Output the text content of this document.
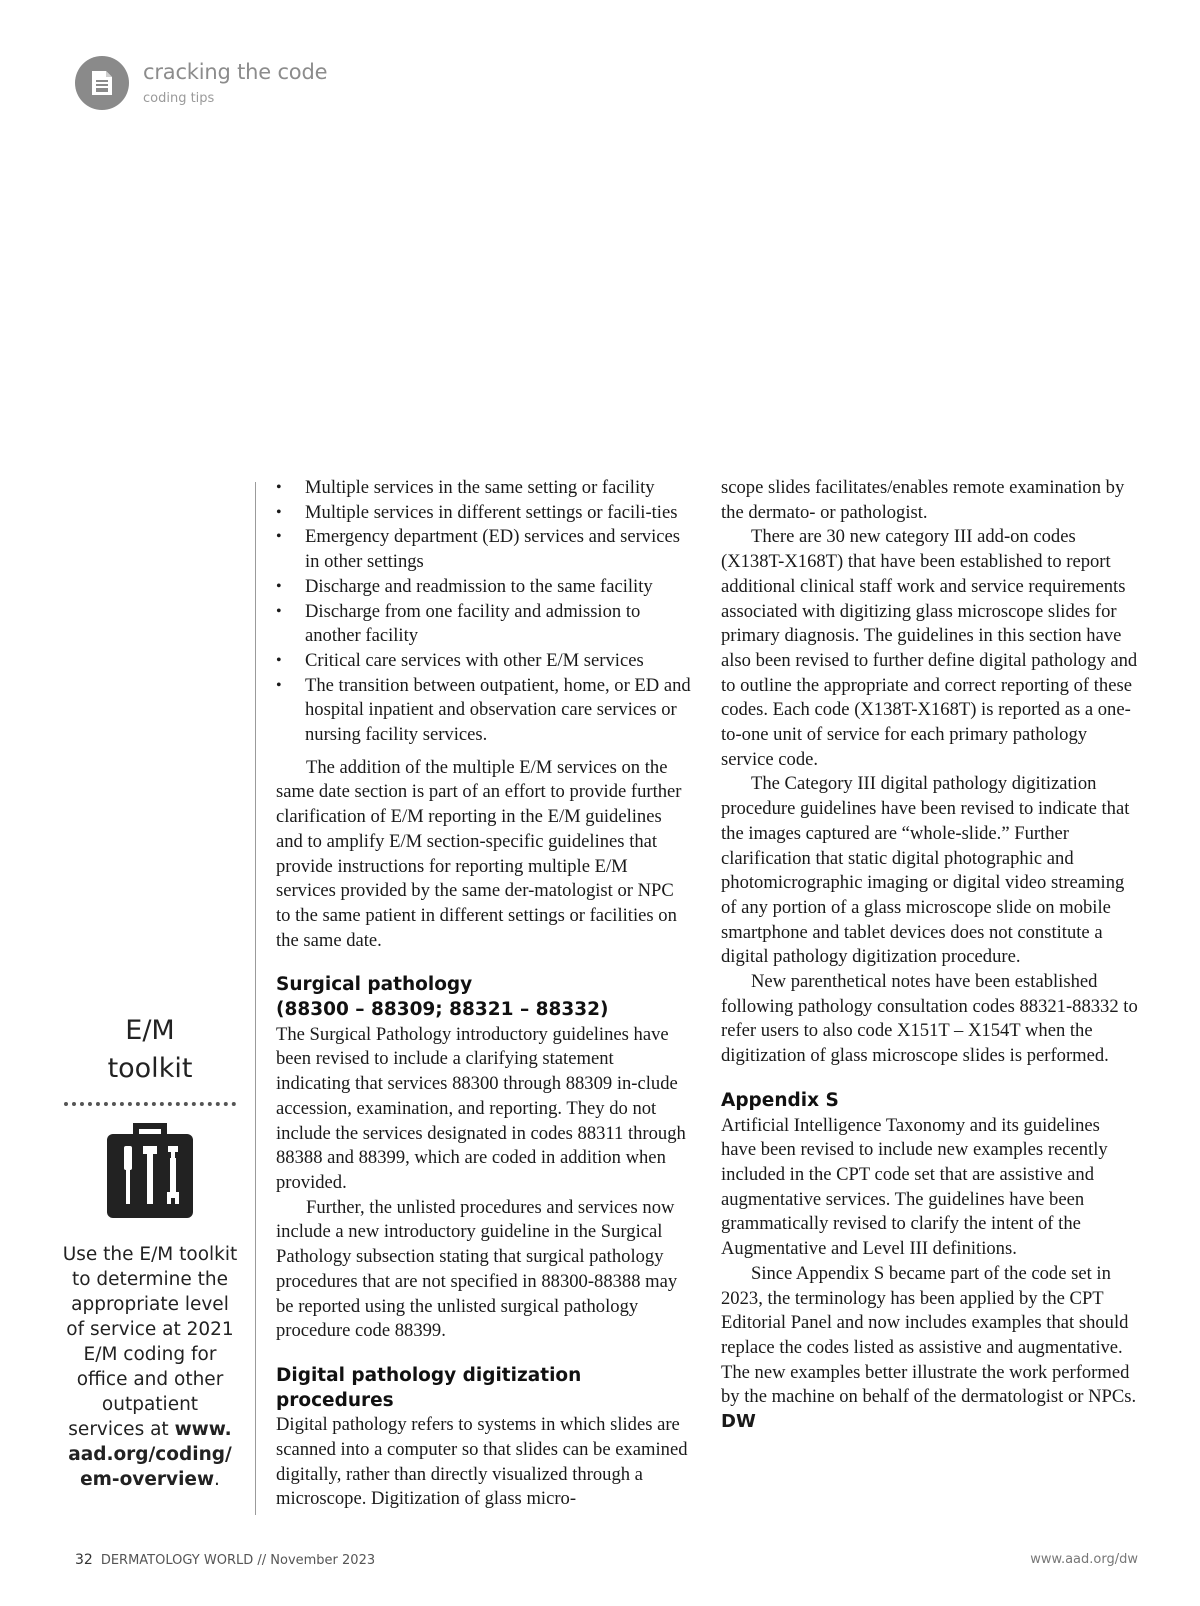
cracking the code
coding tips
E/M
toolkit
Use the E/M toolkit to determine the appropriate level of service at 2021 E/M coding for office and other outpatient services at www. aad.org/coding/ em-overview.
• Multiple services in the same setting or facility
• Multiple services in different settings or facili-ties
• Emergency department (ED) services and services in other settings
• Discharge and readmission to the same facility
• Discharge from one facility and admission to another facility
• Critical care services with other E/M services
• The transition between outpatient, home, or ED and hospital inpatient and observation care services or nursing facility services.

The addition of the multiple E/M services on the same date section is part of an effort to provide further clarification of E/M reporting in the E/M guidelines and to amplify E/M section-specific guidelines that provide instructions for reporting multiple E/M services provided by the same der-matologist or NPC to the same patient in different settings or facilities on the same date.

Surgical pathology
(88300 – 88309; 88321 – 88332)

The Surgical Pathology introductory guidelines have been revised to include a clarifying statement indicating that services 88300 through 88309 in-clude accession, examination, and reporting. They do not include the services designated in codes 88311 through 88388 and 88399, which are coded in addition when provided.

Further, the unlisted procedures and services now include a new introductory guideline in the Surgical Pathology subsection stating that surgical pathology procedures that are not specified in 88300-88388 may be reported using the unlisted surgical pathology procedure code 88399.

Digital pathology digitization procedures

Digital pathology refers to systems in which slides are scanned into a computer so that slides can be examined digitally, rather than directly visualized through a microscope. Digitization of glass micro-

scope slides facilitates/enables remote examination by the dermato- or pathologist.

There are 30 new category III add-on codes (X138T-X168T) that have been established to report additional clinical staff work and service requirements associated with digitizing glass microscope slides for primary diagnosis. The guidelines in this section have also been revised to further define digital pathology and to outline the appropriate and correct reporting of these codes. Each code (X138T-X168T) is reported as a one-to-one unit of service for each primary pathology service code.

The Category III digital pathology digitization procedure guidelines have been revised to indicate that the images captured are “whole-slide.” Further clarification that static digital photographic and photomicrographic imaging or digital video streaming of any portion of a glass microscope slide on mobile smartphone and tablet devices does not constitute a digital pathology digitization procedure.

New parenthetical notes have been established following pathology consultation codes 88321-88332 to refer users to also code X151T – X154T when the digitization of glass microscope slides is performed.

Appendix S

Artificial Intelligence Taxonomy and its guidelines have been revised to include new examples recently included in the CPT code set that are assistive and augmentative services. The guidelines have been grammatically revised to clarify the intent of the Augmentative and Level III definitions.

Since Appendix S became part of the code set in 2023, the terminology has been applied by the CPT Editorial Panel and now includes examples that should replace the codes listed as assistive and augmentative. The new examples better illustrate the work performed by the machine on behalf of the dermatologist or NPCs. DW

32 DERMATOLOGY WORLD // November 2023	www.aad.org/dw
